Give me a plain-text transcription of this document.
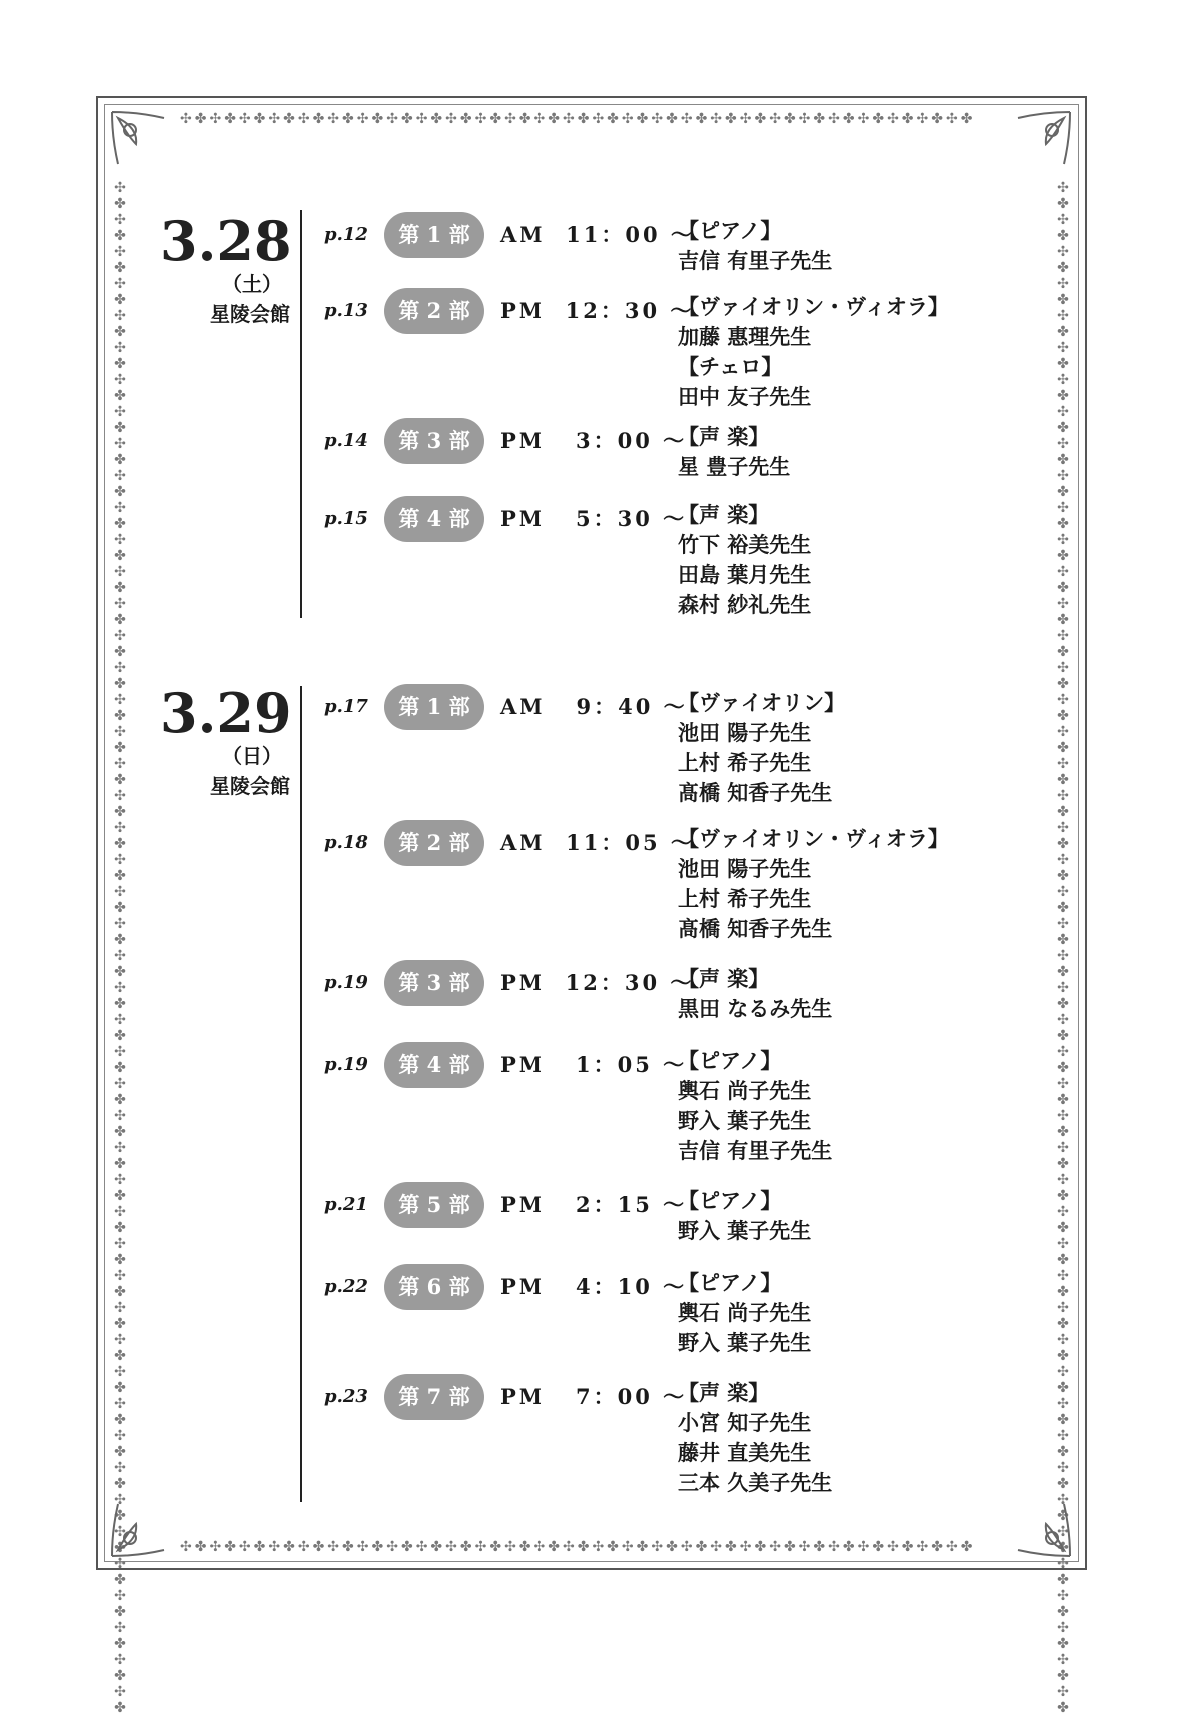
✣✤✣✤✣✤✣✤✣✤✣✤✣✤✣✤✣✤✣✤✣✤✣✤✣✤✣✤✣✤✣✤✣✤✣✤✣✤✣✤✣✤✣✤✣✤✣✤✣✤✣✤✣✤
✣✤✣✤✣✤✣✤✣✤✣✤✣✤✣✤✣✤✣✤✣✤✣✤✣✤✣✤✣✤✣✤✣✤✣✤✣✤✣✤✣✤✣✤✣✤✣✤✣✤✣✤✣✤
✣✤✣✤✣✤✣✤✣✤✣✤✣✤✣✤✣✤✣✤✣✤✣✤✣✤✣✤✣✤✣✤✣✤✣✤✣✤✣✤✣✤✣✤✣✤✣✤✣✤✣✤✣✤✣✤✣✤✣✤✣✤✣✤✣✤✣✤✣✤✣✤✣✤✣✤✣✤✣✤✣✤✣✤✣✤✣✤✣✤✣✤✣✤✣✤
✣✤✣✤✣✤✣✤✣✤✣✤✣✤✣✤✣✤✣✤✣✤✣✤✣✤✣✤✣✤✣✤✣✤✣✤✣✤✣✤✣✤✣✤✣✤✣✤✣✤✣✤✣✤✣✤✣✤✣✤✣✤✣✤✣✤✣✤✣✤✣✤✣✤✣✤✣✤✣✤✣✤✣✤✣✤✣✤✣✤✣✤✣✤✣✤
3.28
（土）
星陵会館
p.12	第 1 部	AM  11：00 〜
【ピアノ】
吉信 有里子先生
p.13	第 2 部	PM  12：30 〜
【ヴァイオリン・ヴィオラ】
加藤 惠理先生
【チェロ】
田中 友子先生
p.14	第 3 部	PM   3：00 〜
【声 楽】
星 豊子先生
p.15	第 4 部	PM   5：30 〜
【声 楽】
竹下 裕美先生
田島 葉月先生
森村 紗礼先生
3.29
（日）
星陵会館
p.17	第 1 部	AM   9：40 〜
【ヴァイオリン】
池田 陽子先生
上村 希子先生
髙橋 知香子先生
p.18	第 2 部	AM  11：05 〜
【ヴァイオリン・ヴィオラ】
池田 陽子先生
上村 希子先生
髙橋 知香子先生
p.19	第 3 部	PM  12：30 〜
【声 楽】
黒田 なるみ先生
p.19	第 4 部	PM   1：05 〜
【ピアノ】
輿石 尚子先生
野入 葉子先生
吉信 有里子先生
p.21	第 5 部	PM   2：15 〜
【ピアノ】
野入 葉子先生
p.22	第 6 部	PM   4：10 〜
【ピアノ】
輿石 尚子先生
野入 葉子先生
p.23	第 7 部	PM   7：00 〜
【声 楽】
小宮 知子先生
藤井 直美先生
三本 久美子先生
